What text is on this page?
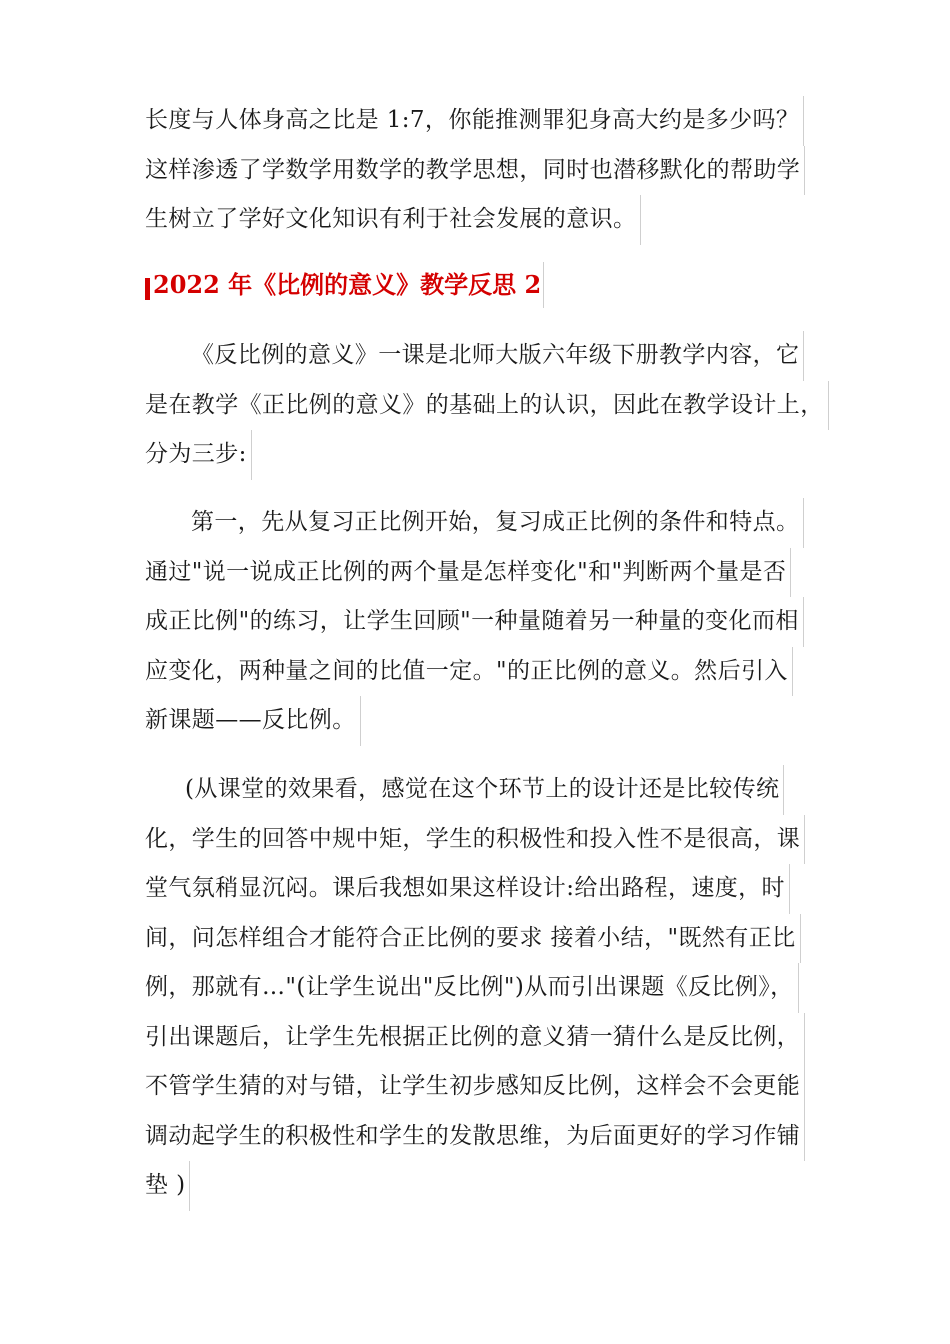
长度与人体身高之比是 1:7，你能推测罪犯身高大约是多少吗？
这样渗透了学数学用数学的教学思想，同时也潜移默化的帮助学
生树立了学好文化知识有利于社会发展的意识。
2022 年《比例的意义》教学反思 2
《反比例的意义》一课是北师大版六年级下册教学内容，它
是在教学《正比例的意义》的基础上的认识，因此在教学设计上，
分为三步:
第一，先从复习正比例开始，复习成正比例的条件和特点。
通过"说一说成正比例的两个量是怎样变化"和"判断两个量是否
成正比例"的练习，让学生回顾"一种量随着另一种量的变化而相
应变化，两种量之间的比值一定。"的正比例的意义。然后引入
新课题——反比例。
(从课堂的效果看，感觉在这个环节上的设计还是比较传统
化，学生的回答中规中矩，学生的积极性和投入性不是很高，课
堂气氛稍显沉闷。课后我想如果这样设计:给出路程，速度，时
间，问怎样组合才能符合正比例的要求 接着小结，"既然有正比
例，那就有…"(让学生说出"反比例")从而引出课题《反比例》，
引出课题后，让学生先根据正比例的意义猜一猜什么是反比例，
不管学生猜的对与错，让学生初步感知反比例，这样会不会更能
调动起学生的积极性和学生的发散思维，为后面更好的学习作铺
垫 )
